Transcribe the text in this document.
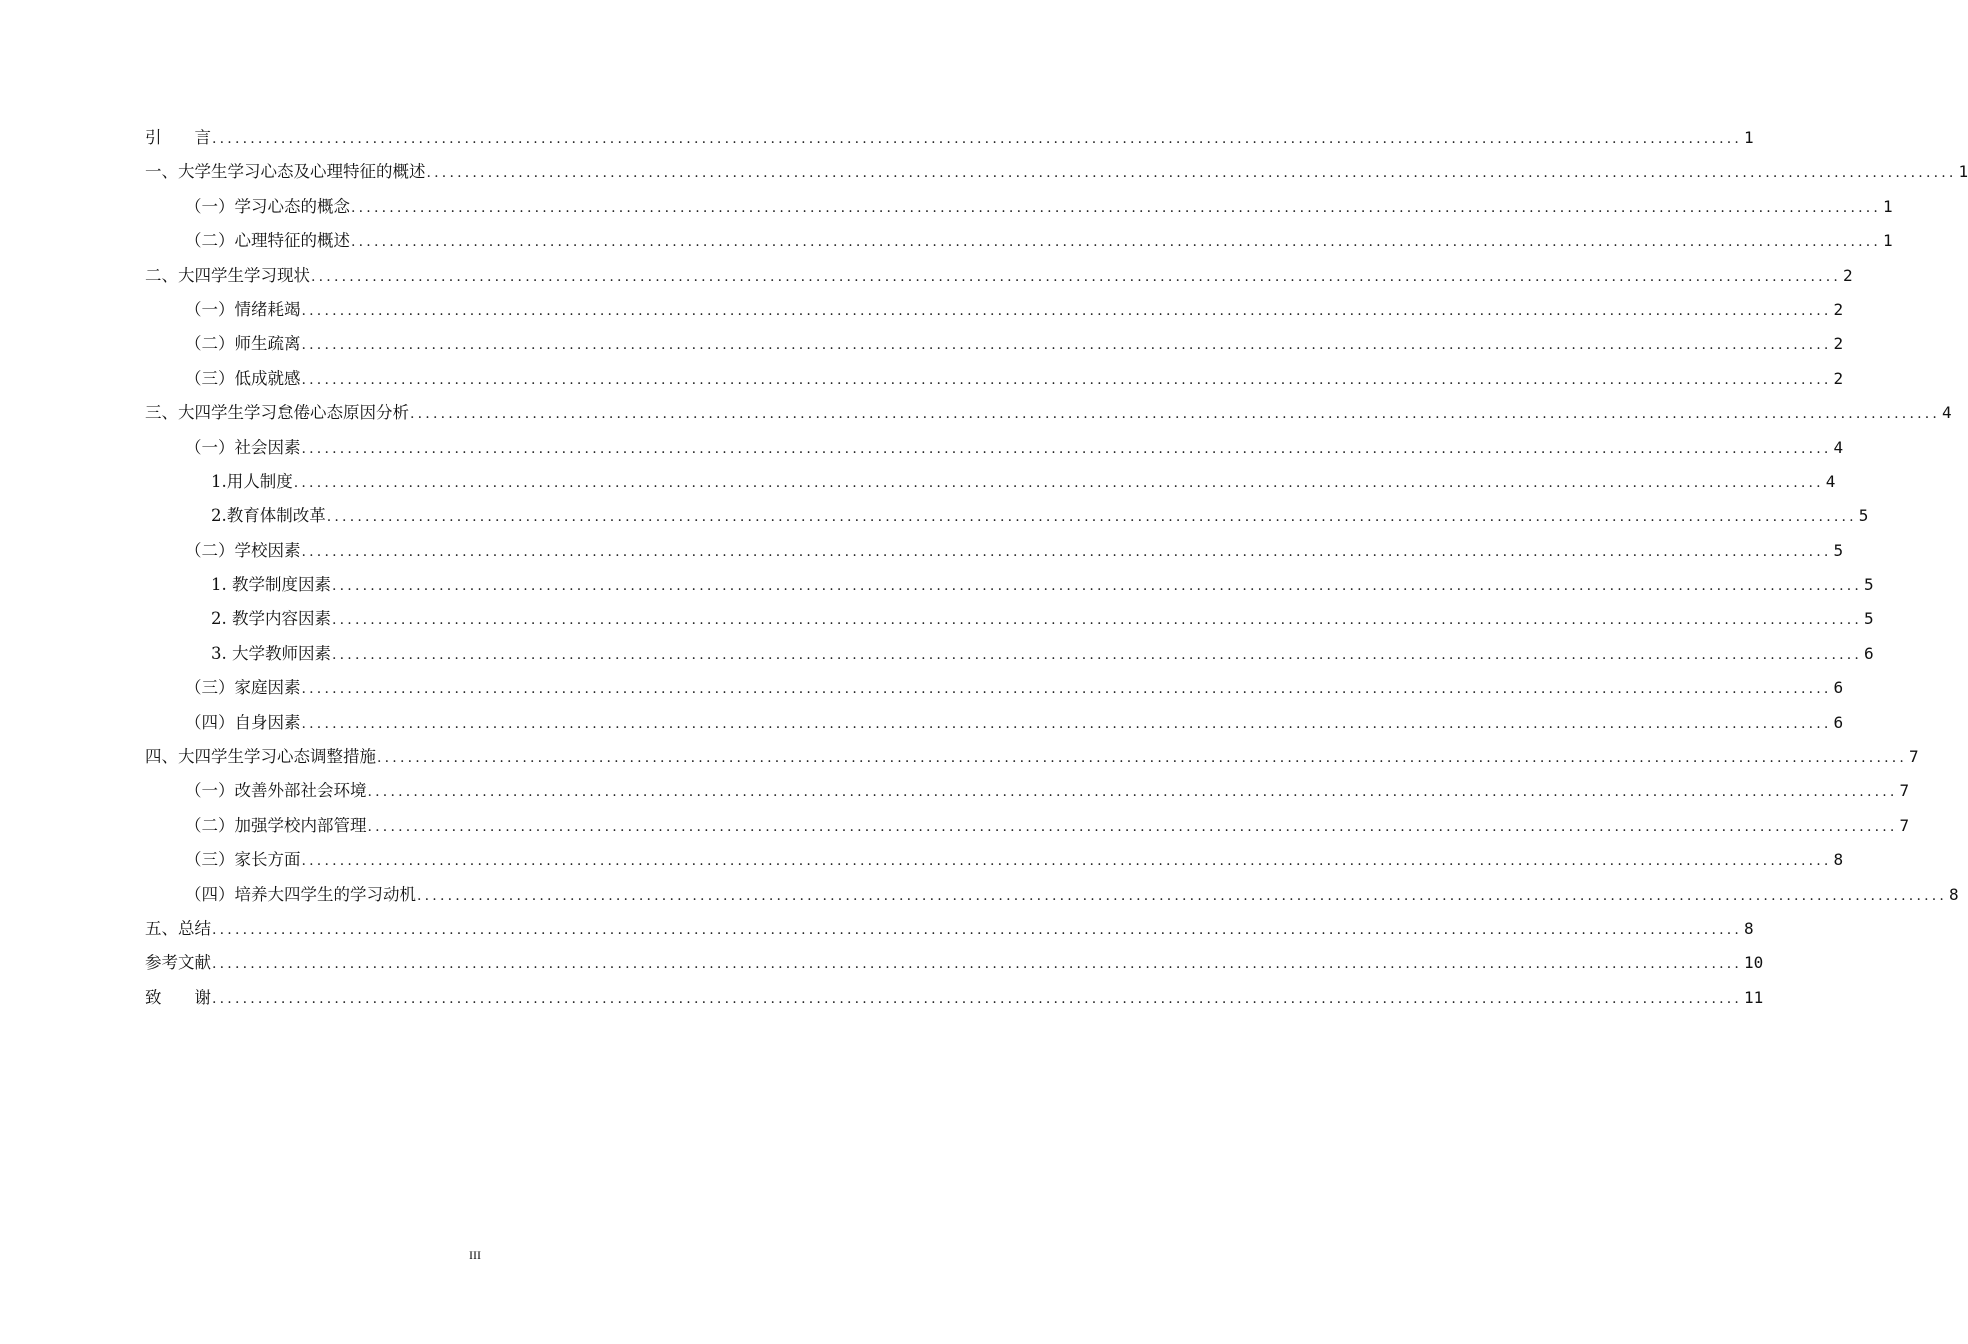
引　　言 ........................................................................................................................................................................................................ 1
一、大学生学习心态及心理特征的概述 ........................................................................................................................................................................................................ 1
（一）学习心态的概念 ........................................................................................................................................................................................................ 1
（二）心理特征的概述 ........................................................................................................................................................................................................ 1
二、大四学生学习现状 ........................................................................................................................................................................................................ 2
（一）情绪耗竭 ........................................................................................................................................................................................................ 2
（二）师生疏离 ........................................................................................................................................................................................................ 2
（三）低成就感 ........................................................................................................................................................................................................ 2
三、大四学生学习怠倦心态原因分析 ........................................................................................................................................................................................................ 4
（一）社会因素 ........................................................................................................................................................................................................ 4
1.用人制度 ........................................................................................................................................................................................................ 4
2.教育体制改革 ........................................................................................................................................................................................................ 5
（二）学校因素 ........................................................................................................................................................................................................ 5
1. 教学制度因素 ........................................................................................................................................................................................................ 5
2. 教学内容因素 ........................................................................................................................................................................................................ 5
3. 大学教师因素 ........................................................................................................................................................................................................ 6
（三）家庭因素 ........................................................................................................................................................................................................ 6
（四）自身因素 ........................................................................................................................................................................................................ 6
四、大四学生学习心态调整措施 ........................................................................................................................................................................................................ 7
（一）改善外部社会环境 ........................................................................................................................................................................................................ 7
（二）加强学校内部管理 ........................................................................................................................................................................................................ 7
（三）家长方面 ........................................................................................................................................................................................................ 8
（四）培养大四学生的学习动机 ........................................................................................................................................................................................................ 8
五、总结 ........................................................................................................................................................................................................ 8
参考文献 ........................................................................................................................................................................................................ 10
致　　谢 ........................................................................................................................................................................................................ 11
III
